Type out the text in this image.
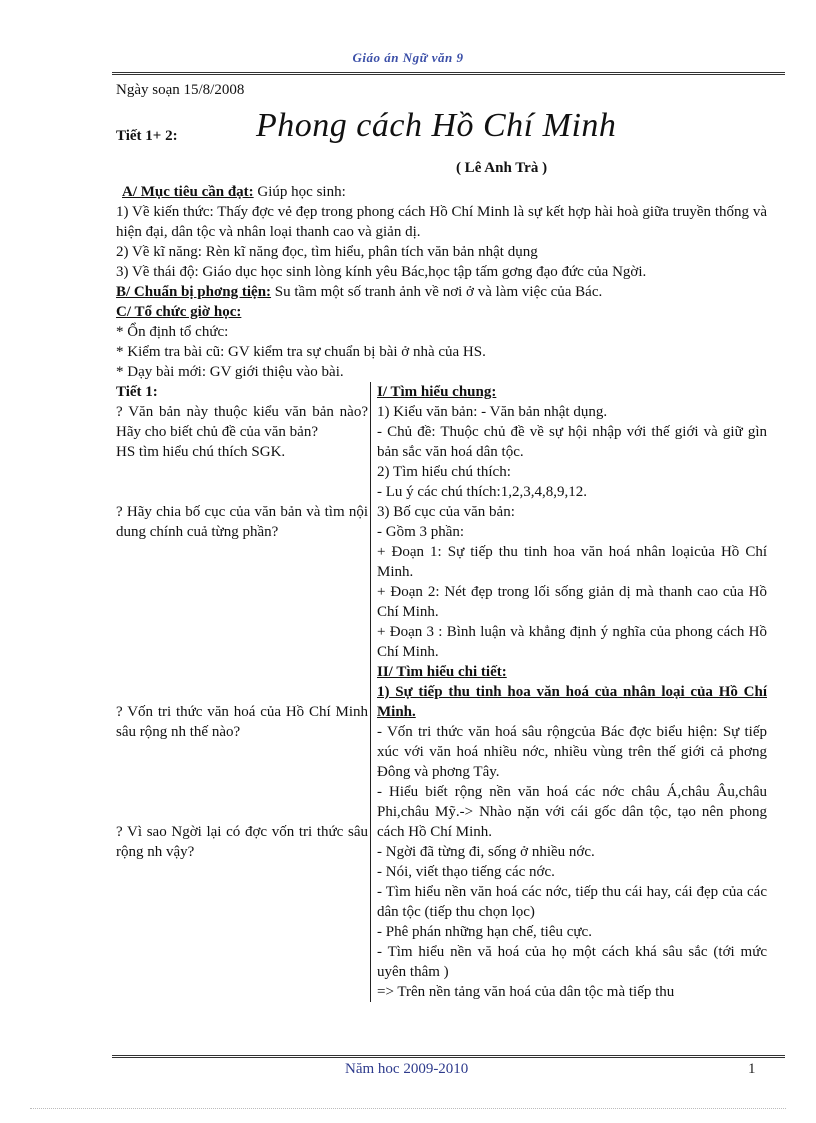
Giáo án Ngữ văn 9

Ngày soạn 15/8/2008

Tiết 1+ 2: Phong cách Hồ Chí Minh

( Lê Anh Trà )

A/ Mục tiêu cần đạt: Giúp học sinh:

1) Về kiến thức: Thấy đợc vẻ đẹp trong phong cách Hồ Chí Minh là sự kết hợp hài hoà giữa truyền thống và hiện đại, dân tộc và nhân loại thanh cao và giản dị.

2) Về kĩ năng: Rèn kĩ năng đọc, tìm hiểu, phân tích văn bản nhật dụng

3) Về thái độ: Giáo dục học sinh lòng kính yêu Bác,học tập tấm gơng đạo đức của Ngời.

B/ Chuẩn bị phơng tiện: Su tầm một số tranh ảnh về nơi ở và làm việc của Bác.

C/ Tổ chức giờ học:

* Ổn định tổ chức:

* Kiểm tra bài cũ: GV kiểm tra sự chuẩn bị bài ở nhà của HS.

* Dạy bài mới: GV giới thiệu vào bài.

Tiết 1:

? Văn bản này thuộc kiểu văn bản nào? Hãy cho biết chủ đề của văn bản?

HS tìm hiểu chú thích SGK.

? Hãy chia bố cục của văn bản và tìm nội dung chính cuả từng phần?

? Vốn tri thức văn hoá của Hồ Chí Minh sâu rộng nh thế nào?

? Vì sao Ngời lại có đợc vốn tri thức sâu rộng nh vậy?

I/ Tìm hiểu chung:

1) Kiểu văn bản: - Văn bản nhật dụng.

- Chủ đề: Thuộc chủ đề về sự hội nhập với thế giới và giữ gìn bản sắc văn hoá dân tộc.

2) Tìm hiểu chú thích:

- Lu ý các chú thích:1,2,3,4,8,9,12.

3) Bố cục của văn bản:

- Gồm 3 phần:

+ Đoạn 1: Sự tiếp thu tinh hoa văn hoá nhân loạicủa Hồ Chí Minh.

+ Đoạn 2: Nét đẹp trong lối sống giản dị mà thanh cao của Hồ Chí Minh.

+ Đoạn 3 : Bình luận và khẳng định ý nghĩa của phong cách Hồ Chí Minh.

II/ Tìm hiểu chi tiết:

1) Sự tiếp thu tinh hoa văn hoá của nhân loại của Hồ Chí Minh.

- Vốn tri thức văn hoá sâu rộngcủa Bác đợc biểu hiện: Sự tiếp xúc với văn hoá nhiều nớc, nhiều vùng trên thế giới cả phơng Đông và phơng Tây.

- Hiểu biết rộng nền văn hoá các nớc châu Á,châu Âu,châu Phi,châu Mỹ.-> Nhào nặn với cái gốc dân tộc, tạo nên phong cách Hồ Chí Minh.

- Ngời đã từng đi, sống ở nhiều nớc.

- Nói, viết thạo tiếng các nớc.

- Tìm hiểu nền văn hoá các nớc, tiếp thu cái hay, cái đẹp của các dân tộc (tiếp thu chọn lọc)

- Phê phán những hạn chế, tiêu cực.

- Tìm hiểu nền vă hoá của họ một cách khá sâu sắc (tới mức uyên thâm )

=> Trên nền tảng văn hoá của dân tộc mà tiếp thu

Năm hoc 2009-2010	1
